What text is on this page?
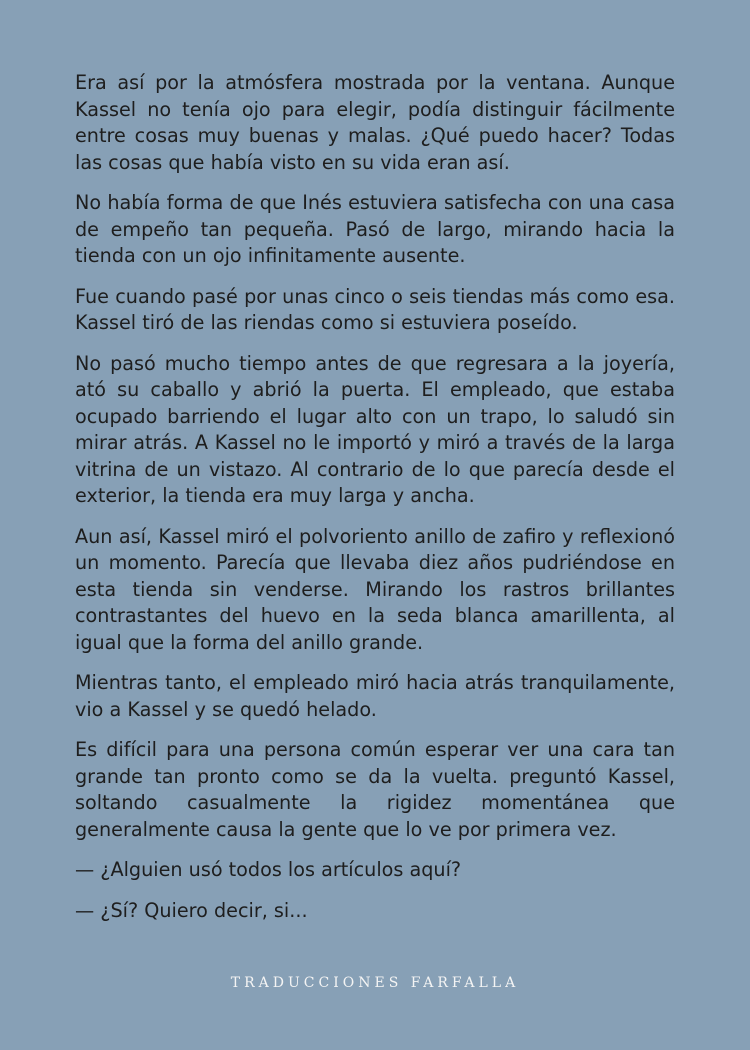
Era así por la atmósfera mostrada por la ventana. Aunque Kassel no tenía ojo para elegir, podía distinguir fácilmente entre cosas muy buenas y malas. ¿Qué puedo hacer? Todas las cosas que había visto en su vida eran así.

No había forma de que Inés estuviera satisfecha con una casa de empeño tan pequeña. Pasó de largo, mirando hacia la tienda con un ojo infinitamente ausente.

Fue cuando pasé por unas cinco o seis tiendas más como esa. Kassel tiró de las riendas como si estuviera poseído.

No pasó mucho tiempo antes de que regresara a la joyería, ató su caballo y abrió la puerta. El empleado, que estaba ocupado barriendo el lugar alto con un trapo, lo saludó sin mirar atrás. A Kassel no le importó y miró a través de la larga vitrina de un vistazo. Al contrario de lo que parecía desde el exterior, la tienda era muy larga y ancha.

Aun así, Kassel miró el polvoriento anillo de zafiro y reflexionó un momento. Parecía que llevaba diez años pudriéndose en esta tienda sin venderse. Mirando los rastros brillantes contrastantes del huevo en la seda blanca amarillenta, al igual que la forma del anillo grande.

Mientras tanto, el empleado miró hacia atrás tranquilamente, vio a Kassel y se quedó helado.

Es difícil para una persona común esperar ver una cara tan grande tan pronto como se da la vuelta. preguntó Kassel, soltando casualmente la rigidez momentánea que generalmente causa la gente que lo ve por primera vez.

— ¿Alguien usó todos los artículos aquí?

— ¿Sí? Quiero decir, si...

TRADUCCIONES FARFALLA
